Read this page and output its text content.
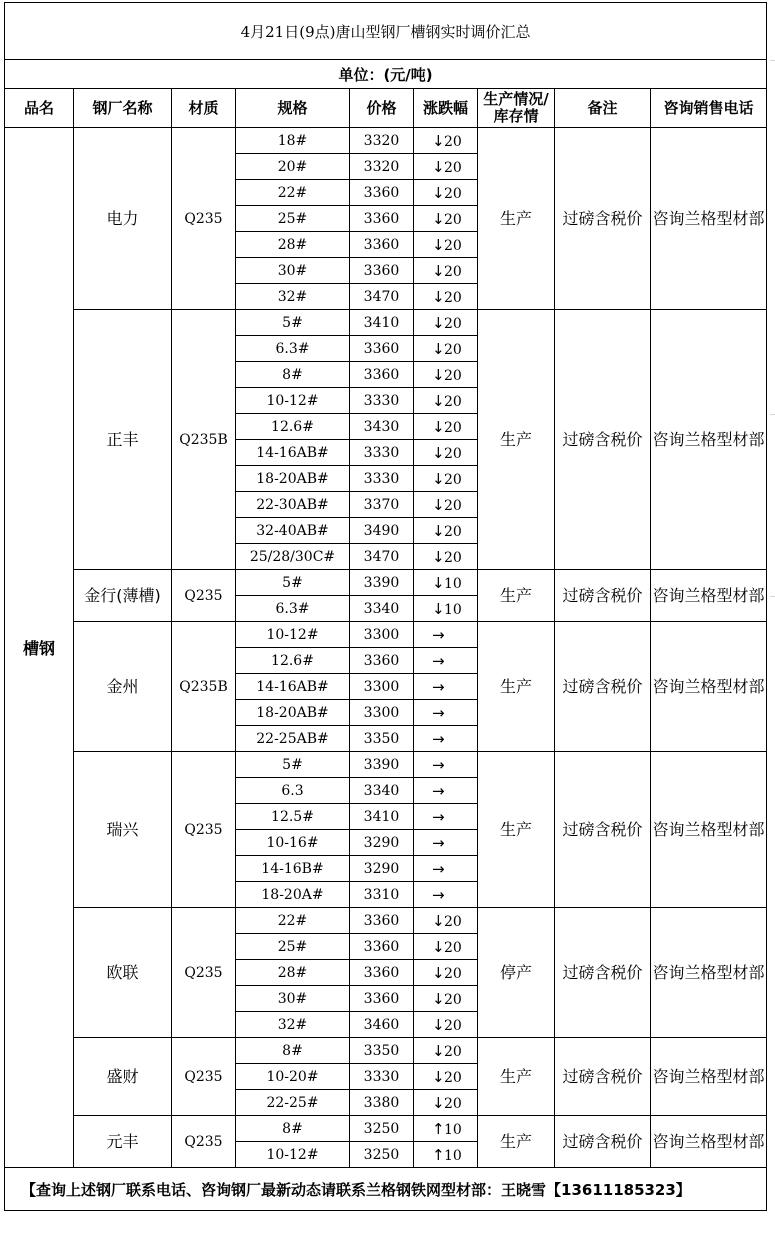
4月21日(9点)唐山型钢厂槽钢实时调价汇总								
单位：(元/吨)								
品名	钢厂名称	材质	规格	价格	涨跌幅	生产情况/库存情	备注	咨询销售电话
槽钢	电力	Q235	18#	3320	↓20	生产	过磅含税价	咨询兰格型材部
			20#	3320	↓20			
			22#	3360	↓20			
			25#	3360	↓20			
			28#	3360	↓20			
			30#	3360	↓20			
			32#	3470	↓20			
	正丰	Q235B	5#	3410	↓20	生产	过磅含税价	咨询兰格型材部
			6.3#	3360	↓20			
			8#	3360	↓20			
			10-12#	3330	↓20			
			12.6#	3430	↓20			
			14-16AB#	3330	↓20			
			18-20AB#	3330	↓20			
			22-30AB#	3370	↓20			
			32-40AB#	3490	↓20			
			25/28/30C#	3470	↓20			
	金行(薄槽)	Q235	5#	3390	↓10	生产	过磅含税价	咨询兰格型材部
			6.3#	3340	↓10			
	金州	Q235B	10-12#	3300	→	生产	过磅含税价	咨询兰格型材部
			12.6#	3360	→			
			14-16AB#	3300	→			
			18-20AB#	3300	→			
			22-25AB#	3350	→			
	瑞兴	Q235	5#	3390	→	生产	过磅含税价	咨询兰格型材部
			6.3	3340	→			
			12.5#	3410	→			
			10-16#	3290	→			
			14-16B#	3290	→			
			18-20A#	3310	→			
	欧联	Q235	22#	3360	↓20	停产	过磅含税价	咨询兰格型材部
			25#	3360	↓20			
			28#	3360	↓20			
			30#	3360	↓20			
			32#	3460	↓20			
	盛财	Q235	8#	3350	↓20	生产	过磅含税价	咨询兰格型材部
			10-20#	3330	↓20			
			22-25#	3380	↓20			
	元丰	Q235	8#	3250	↑10	生产	过磅含税价	咨询兰格型材部
			10-12#	3250	↑10			
【查询上述钢厂联系电话、咨询钢厂最新动态请联系兰格钢铁网型材部：王晓雪【13611185323】								
